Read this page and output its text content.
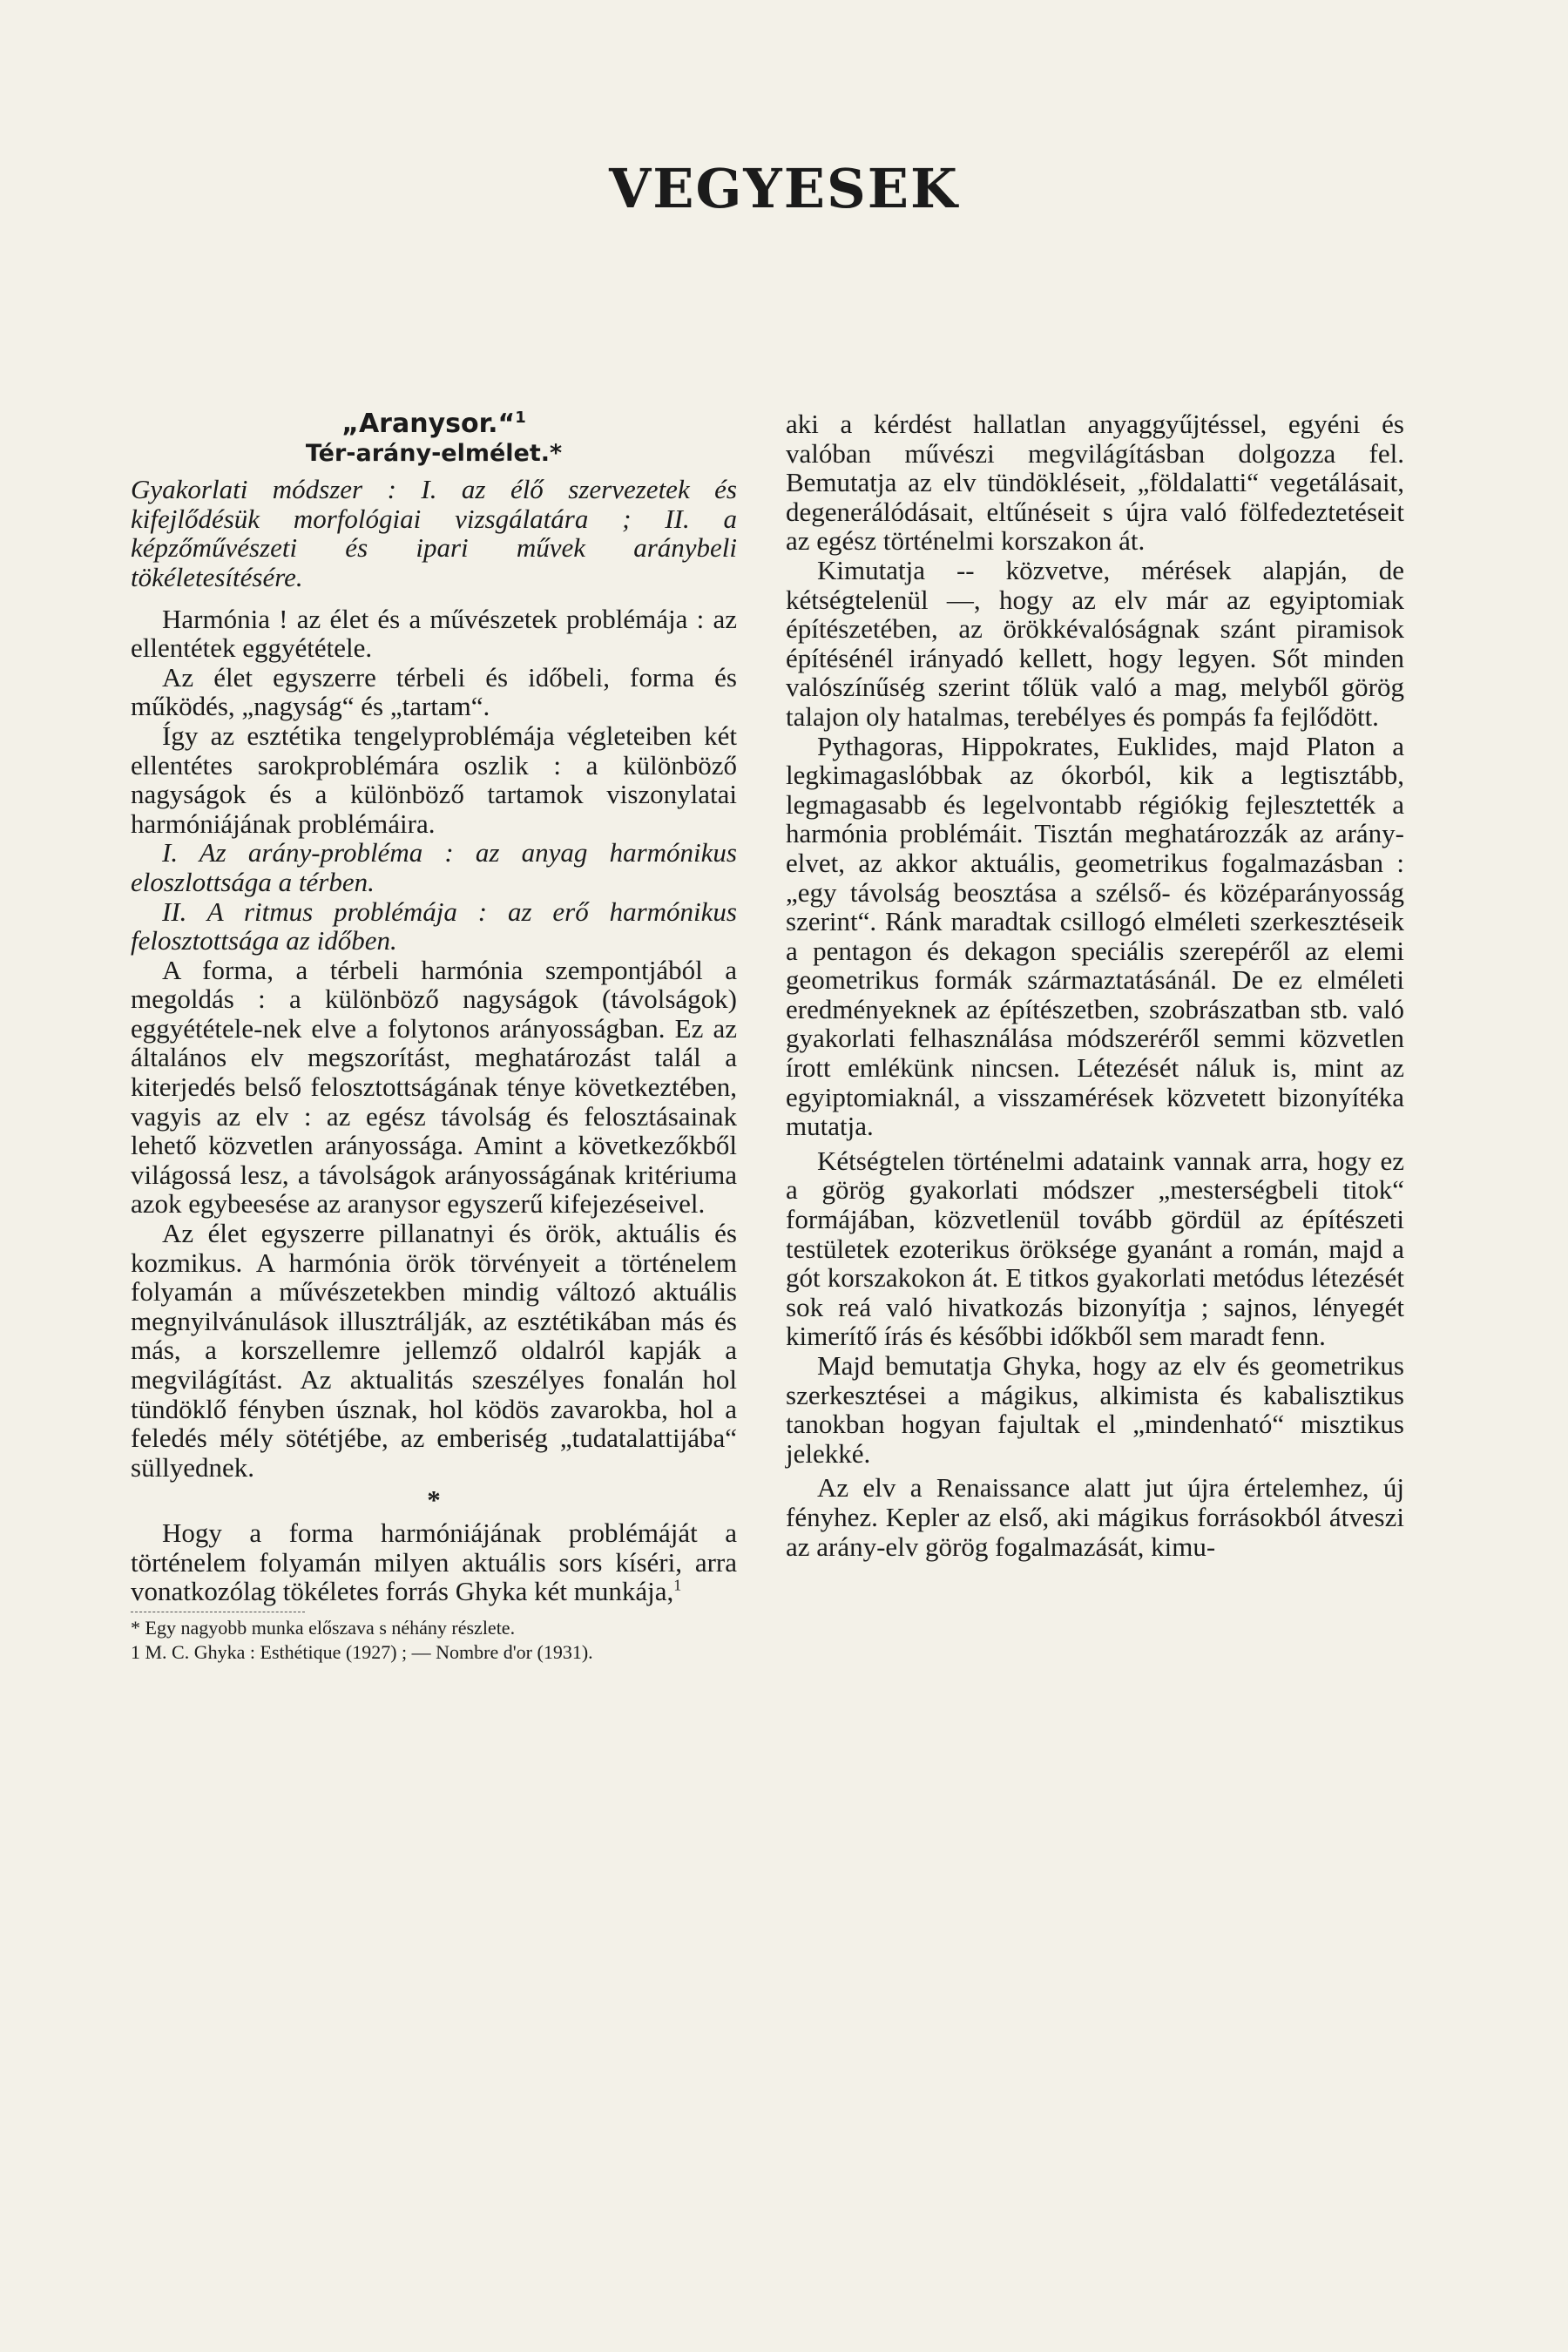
VEGYESEK

„Aranysor.“$^1$

Tér-arány-elmélet.*

Gyakorlati módszer : I. az élő szervezetek és kifejlődésük morfológiai vizsgálatára ; II. a képzőművészeti és ipari művek aránybeli tökéletesítésére.

Harmónia ! az élet és a művészetek problémája : az ellentétek eggyététele.

Az élet egyszerre térbeli és időbeli, forma és működés, „nagyság“ és „tartam“.

Így az esztétika tengelyproblémája végleteiben két ellentétes sarokproblémára oszlik : a különböző nagyságok és a különböző tartamok viszonylatai harmóniájának problémáira.

I. Az arány-probléma : az anyag harmónikus eloszlottsága a térben.

II. A ritmus problémája : az erő harmónikus felosztottsága az időben.

A forma, a térbeli harmónia szempontjából a megoldás : a különböző nagyságok (távolságok) eggyététele-nek elve a folytonos arányosságban. Ez az általános elv megszorítást, meghatározást talál a kiterjedés belső felosztottságának ténye következtében, vagyis az elv : az egész távolság és felosztásainak lehető közvetlen arányossága. Amint a következőkből világossá lesz, a távolságok arányosságának kritériuma azok egybeesése az aranysor egyszerű kifejezéseivel.

Az élet egyszerre pillanatnyi és örök, aktuális és kozmikus. A harmónia örök törvényeit a történelem folyamán a művészetekben mindig változó aktuális megnyilvánulások illusztrálják, az esztétikában más és más, a korszellemre jellemző oldalról kapják a megvilágítást. Az aktualitás szeszélyes fonalán hol tündöklő fényben úsznak, hol ködös zavarokba, hol a feledés mély sötétjébe, az emberiség „tudatalattijába“ süllyednek.

*

Hogy a forma harmóniájának problémáját a történelem folyamán milyen aktuális sors kíséri, arra vonatkozólag tökéletes forrás Ghyka két munkája,$^1$

* Egy nagyobb munka előszava s néhány részlete.

1 M. C. Ghyka : Esthétique (1927) ; — Nombre d'or (1931).

aki a kérdést hallatlan anyaggyűjtéssel, egyéni és valóban művészi megvilágításban dolgozza fel. Bemutatja az elv tündökléseit, „földalatti“ vegetálásait, degenerálódásait, eltűnéseit s újra való fölfedeztetéseit az egész történelmi korszakon át.

Kimutatja -- közvetve, mérések alapján, de kétségtelenül —, hogy az elv már az egyiptomiak építészetében, az örökkévalóságnak szánt piramisok építésénél irányadó kellett, hogy legyen. Sőt minden valószínűség szerint tőlük való a mag, melyből görög talajon oly hatalmas, terebélyes és pompás fa fejlődött.

Pythagoras, Hippokrates, Euklides, majd Platon a legkimagaslóbbak az ókorból, kik a legtisztább, legmagasabb és legelvontabb régiókig fejlesztették a harmónia problémáit. Tisztán meghatározzák az arány-elvet, az akkor aktuális, geometrikus fogalmazásban : „egy távolság beosztása a szélső- és középarányosság szerint“. Ránk maradtak csillogó elméleti szerkesztéseik a pentagon és dekagon speciális szerepéről az elemi geometrikus formák származtatásánál. De ez elméleti eredményeknek az építészetben, szobrászatban stb. való gyakorlati felhasználása módszeréről semmi közvetlen írott emlékünk nincsen. Létezését náluk is, mint az egyiptomiaknál, a visszamérések közvetett bizonyítéka mutatja.

Kétségtelen történelmi adataink vannak arra, hogy ez a görög gyakorlati módszer „mesterségbeli titok“ formájában, közvetlenül tovább gördül az építészeti testületek ezoterikus öröksége gyanánt a román, majd a gót korszakokon át. E titkos gyakorlati metódus létezését sok reá való hivatkozás bizonyítja ; sajnos, lényegét kimerítő írás és későbbi időkből sem maradt fenn.

Majd bemutatja Ghyka, hogy az elv és geometrikus szerkesztései a mágikus, alkimista és kabalisztikus tanokban hogyan fajultak el „mindenható“ misztikus jelekké.

Az elv a Renaissance alatt jut újra értelemhez, új fényhez. Kepler az első, aki mágikus forrásokból átveszi az arány-elv görög fogalmazását, kimu-
